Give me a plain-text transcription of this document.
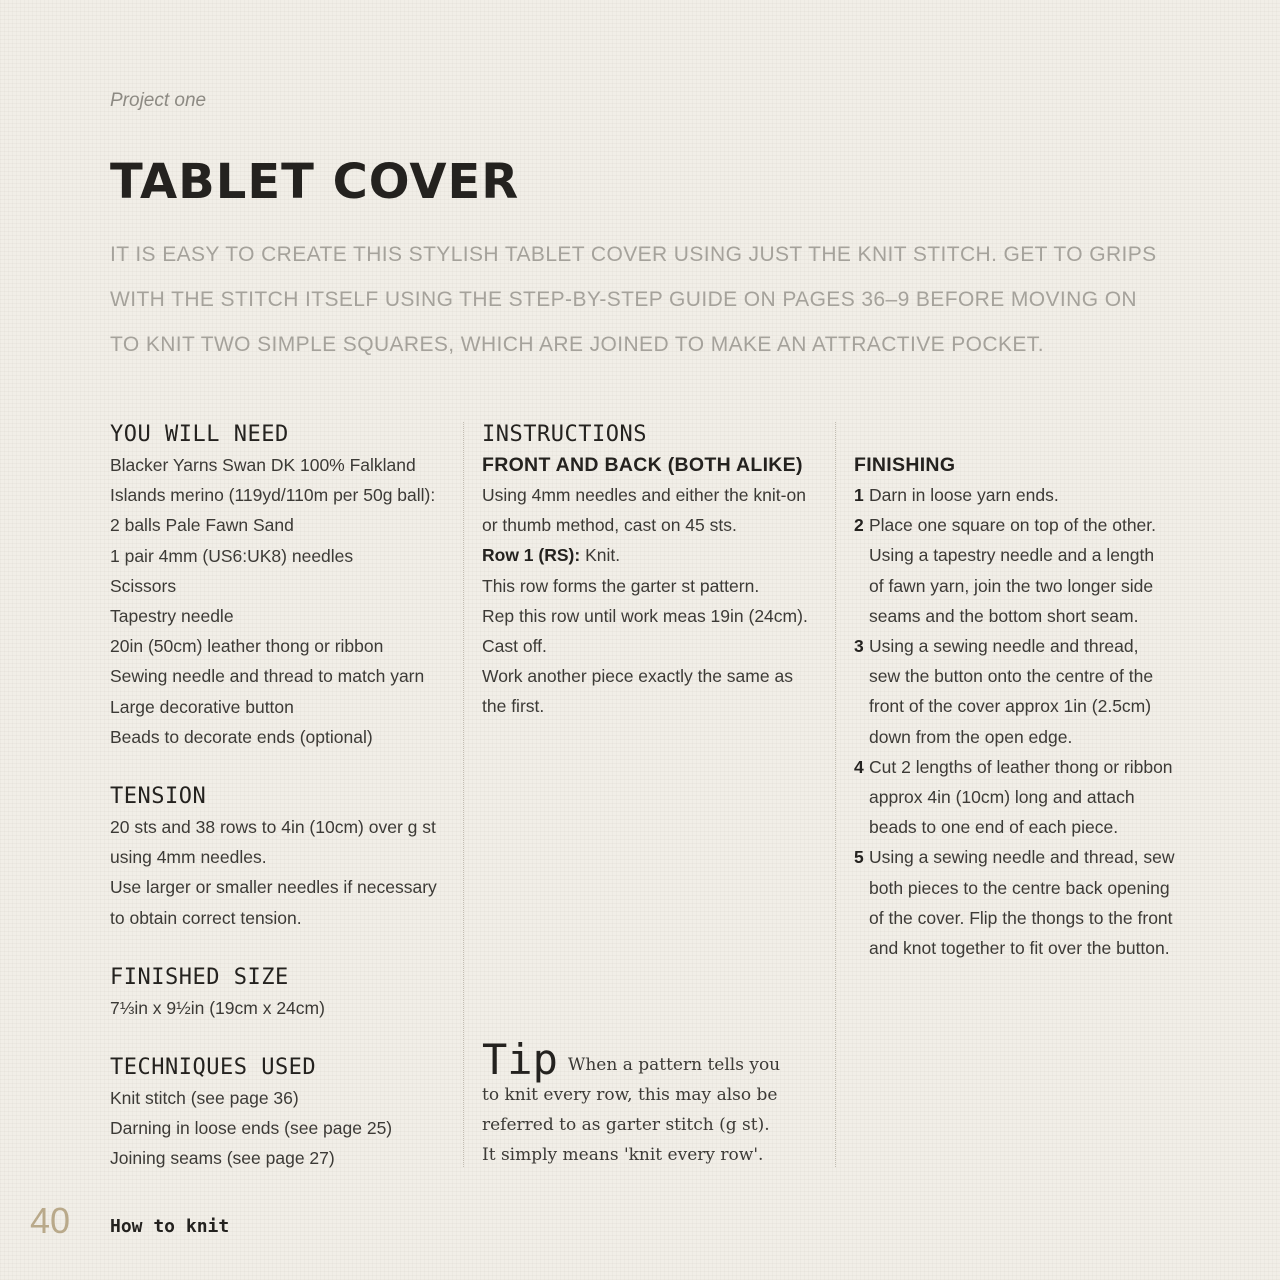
Project one
TABLET COVER
IT IS EASY TO CREATE THIS STYLISH TABLET COVER USING JUST THE KNIT STITCH. GET TO GRIPS
WITH THE STITCH ITSELF USING THE STEP-BY-STEP GUIDE ON PAGES 36–9 BEFORE MOVING ON
TO KNIT TWO SIMPLE SQUARES, WHICH ARE JOINED TO MAKE AN ATTRACTIVE POCKET.
YOU WILL NEED
Blacker Yarns Swan DK 100% Falkland
Islands merino (119yd/110m per 50g ball):
2 balls Pale Fawn Sand
1 pair 4mm (US6:UK8) needles
Scissors
Tapestry needle
20in (50cm) leather thong or ribbon
Sewing needle and thread to match yarn
Large decorative button
Beads to decorate ends (optional)
TENSION
20 sts and 38 rows to 4in (10cm) over g st
using 4mm needles.
Use larger or smaller needles if necessary
to obtain correct tension.
FINISHED SIZE
7⅓in x 9½in (19cm x 24cm)
TECHNIQUES USED
Knit stitch (see page 36)
Darning in loose ends (see page 25)
Joining seams (see page 27)
INSTRUCTIONS
FRONT AND BACK (BOTH ALIKE)
Using 4mm needles and either the knit-on
or thumb method, cast on 45 sts.
Row 1 (RS): Knit.
This row forms the garter st pattern.
Rep this row until work meas 19in (24cm).
Cast off.
Work another piece exactly the same as
the first.
Tip When a pattern tells you
to knit every row, this may also be
referred to as garter stitch (g st).
It simply means 'knit every row'.
FINISHING
1 Darn in loose yarn ends.
2 Place one square on top of the other.
Using a tapestry needle and a length
of fawn yarn, join the two longer side
seams and the bottom short seam.
3 Using a sewing needle and thread,
sew the button onto the centre of the
front of the cover approx 1in (2.5cm)
down from the open edge.
4 Cut 2 lengths of leather thong or ribbon
approx 4in (10cm) long and attach
beads to one end of each piece.
5 Using a sewing needle and thread, sew
both pieces to the centre back opening
of the cover. Flip the thongs to the front
and knot together to fit over the button.
40 How to knit
